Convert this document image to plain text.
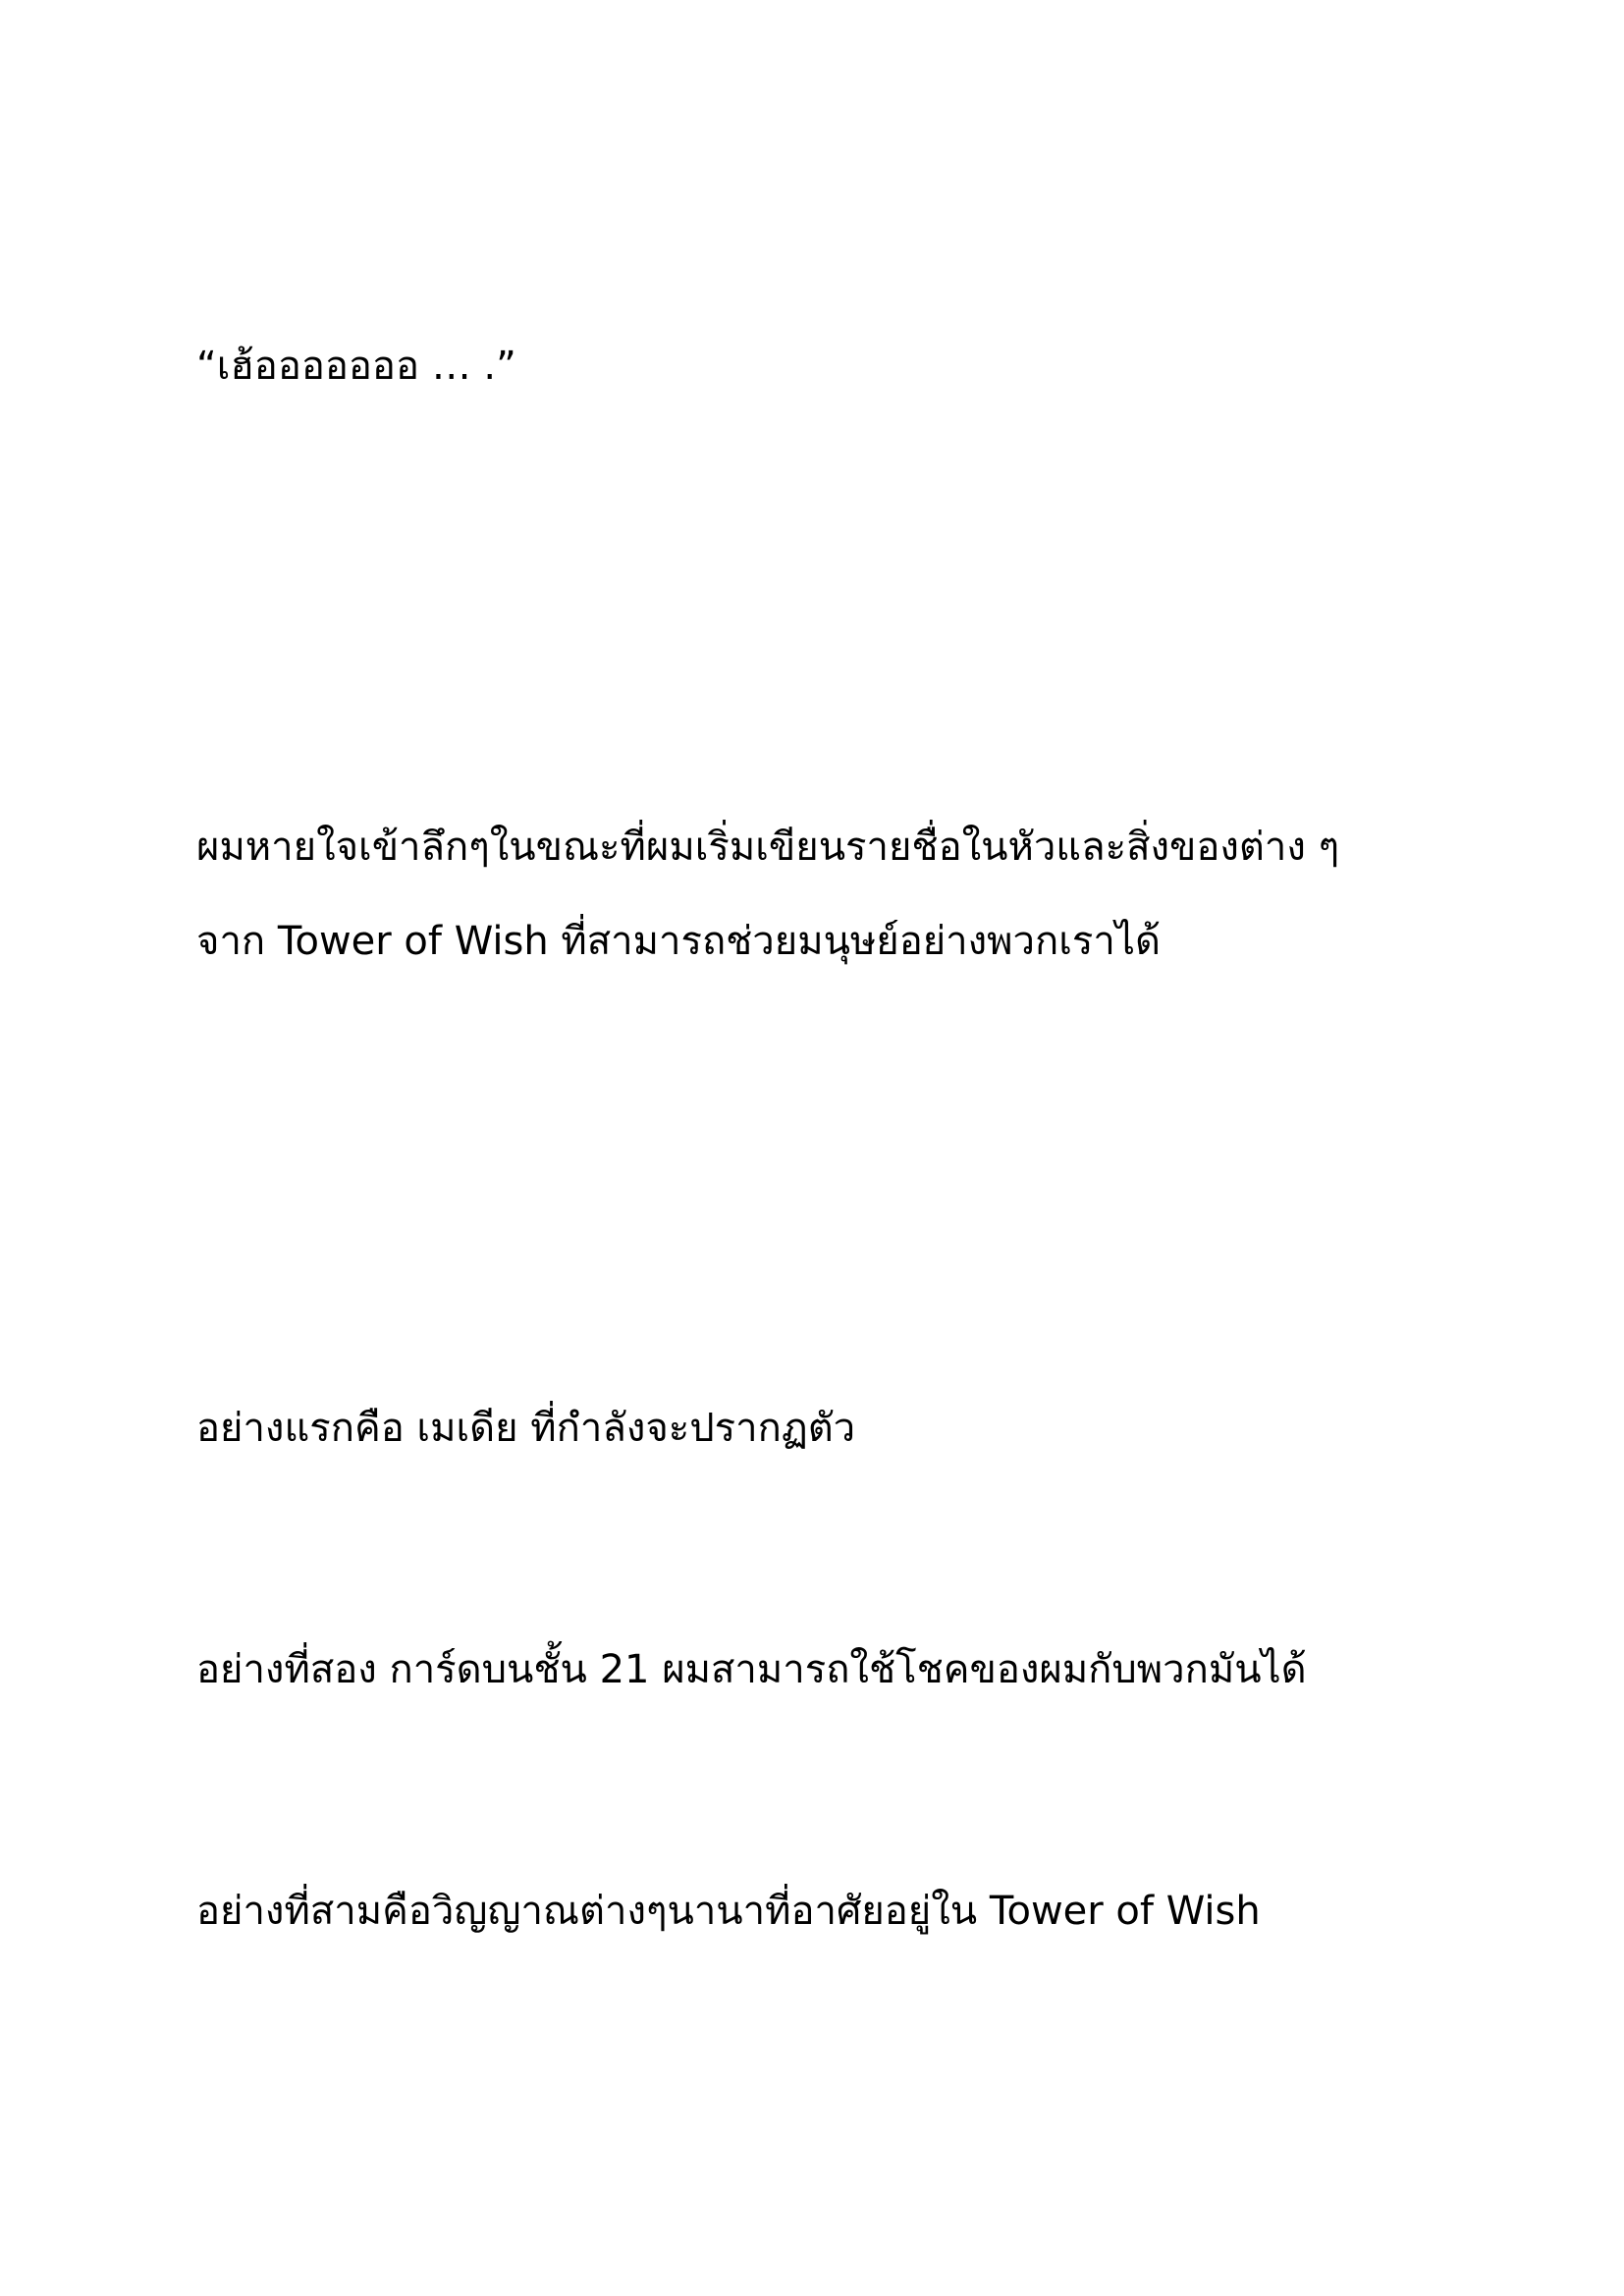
“เฮ้อออออออ … .”

ผมหายใจเข้าลึกๆในขณะที่ผมเริ่มเขียนรายชื่อในหัวและสิ่งของต่าง ๆ
จาก Tower of Wish ที่สามารถช่วยมนุษย์อย่างพวกเราได้

อย่างแรกคือ เมเดีย ที่กำลังจะปรากฏตัว

อย่างที่สอง การ์ดบนชั้น 21 ผมสามารถใช้โชคของผมกับพวกมันได้

อย่างที่สามคือวิญญาณต่างๆนานาที่อาศัยอยู่ใน Tower of Wish
